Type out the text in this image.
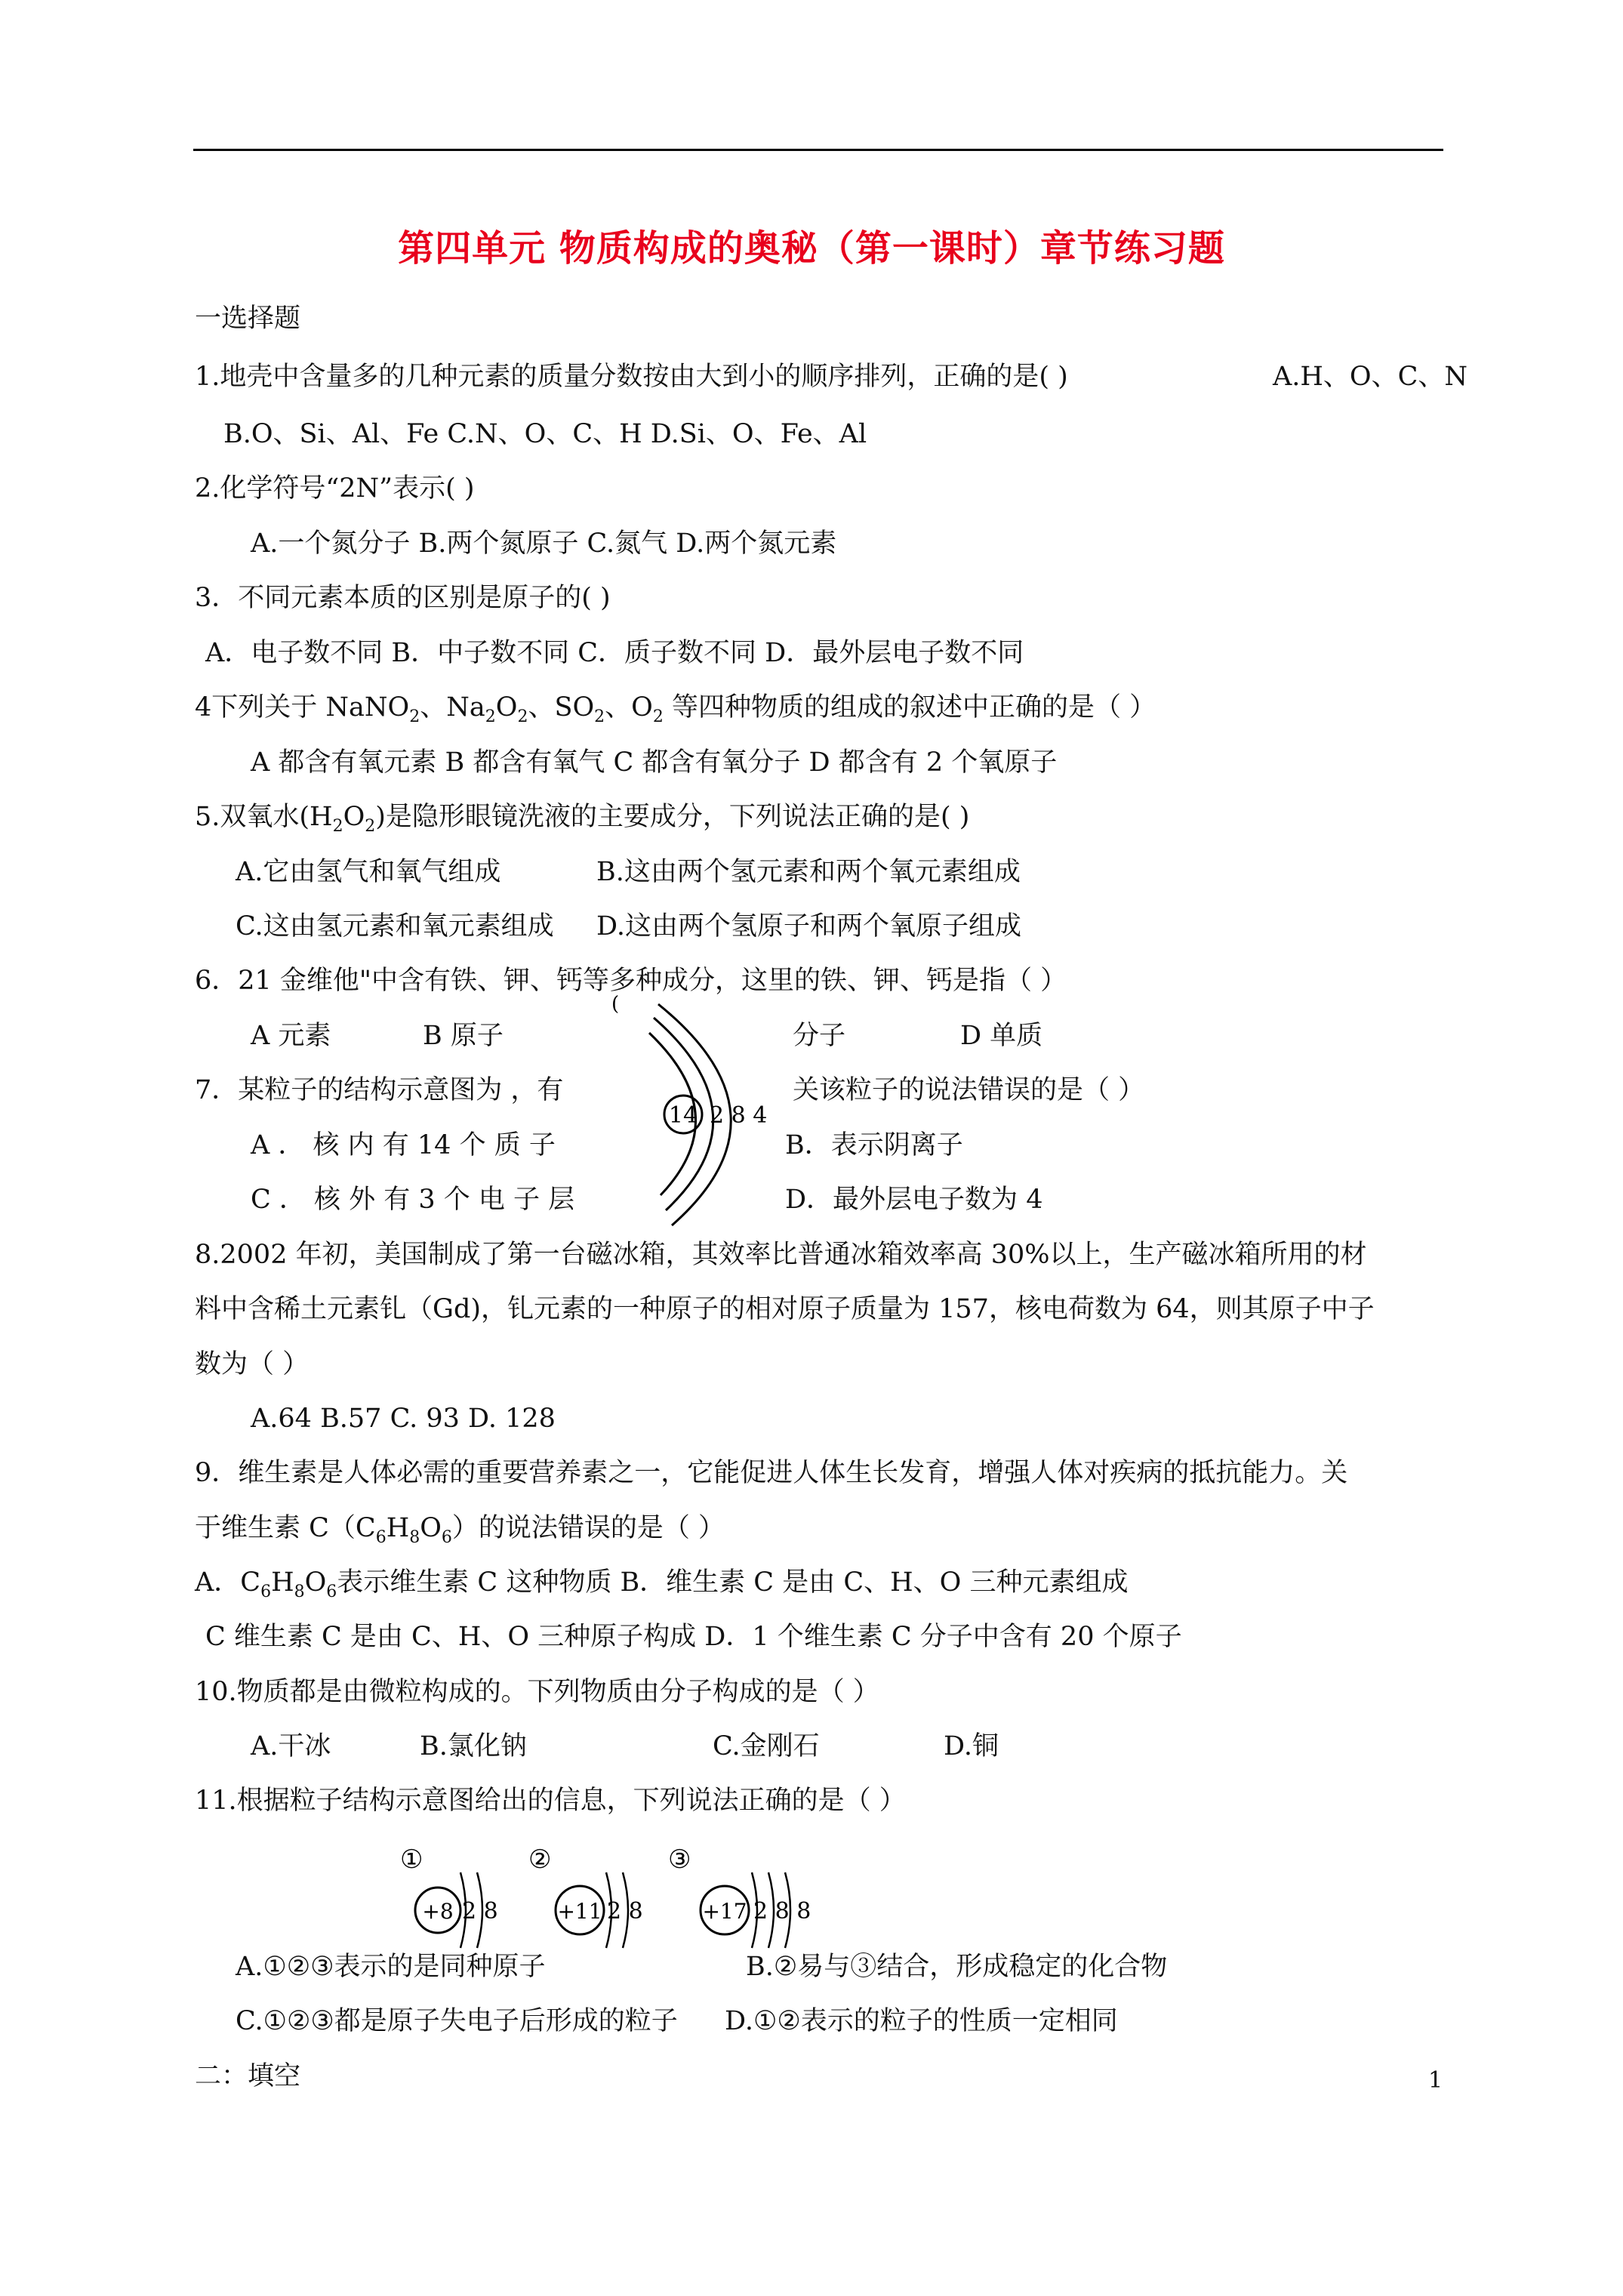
第四单元 物质构成的奥秘（第一课时）章节练习题
一选择题
1.地壳中含量多的几种元素的质量分数按由大到小的顺序排列，正确的是( )	A.H、O、C、N
B.O、Si、Al、Fe C.N、O、C、H D.Si、O、Fe、Al
2.化学符号“2N”表示( )
A.一个氮分子 B.两个氮原子 C.氮气 D.两个氮元素
3．不同元素本质的区别是原子的( )
A．电子数不同 B．中子数不同 C．质子数不同 D．最外层电子数不同
4下列关于 NaNO$_2$、$Na_2O_2$、$SO_2$、$O_2$ 等四种物质的组成的叙述中正确的是（ ）
A 都含有氧元素 B 都含有氧气 C 都含有氧分子 D 都含有 2 个氧原子
5.双氧水$(H_2O_2)$是隐形眼镜洗液的主要成分，下列说法正确的是( )
A.它由氢气和氧气组成	B.这由两个氢元素和两个氧元素组成
C.这由氢元素和氧元素组成 D.这由两个氢原子和两个氧原子组成
6．21 金维他"中含有铁、钾、钙等多种成分，这里的铁、钾、钙是指（ ）
A 元素	B 原子	分子	D 单质
7．某粒子的结构示意图为 ，有	关该粒子的说法错误的是（ ）
(
14 2 8 4
A ． 核 内 有 14 个 质 子	B．表示阴离子
C ． 核 外 有 3 个 电 子 层	D．最外层电子数为 4
8.2002 年初，美国制成了第一台磁冰箱，其效率比普通冰箱效率高 30%以上，生产磁冰箱所用的材
料中含稀土元素钆（Gd)，钆元素的一种原子的相对原子质量为 157，核电荷数为 64，则其原子中子
数为（ ）
A.64 B.57 C. 93 D. 128
9．维生素是人体必需的重要营养素之一，它能促进人体生长发育，增强人体对疾病的抵抗能力。关
于维生素 $C(C_6H_8O_6)$的说法错误的是（ ）
A．$C_6H_8O_6$表示维生素 C 这种物质 B．维生素 C 是由 C、H、O 三种元素组成
C 维生素 C 是由 C、H、O 三种原子构成 D．1 个维生素 C 分子中含有 20 个原子
10.物质都是由微粒构成的。下列物质由分子构成的是（ ）
A.干冰	B.氯化钠	C.金刚石	D.铜
11.根据粒子结构示意图给出的信息，下列说法正确的是（ ）
①
+8 2 8
②
+11 2 8
③
+17 2 8 8
A.①②③表示的是同种原子	B.②易与③结合，形成稳定的化合物
C.①②③都是原子失电子后形成的粒子 D.①②表示的粒子的性质一定相同
二：填空	1
